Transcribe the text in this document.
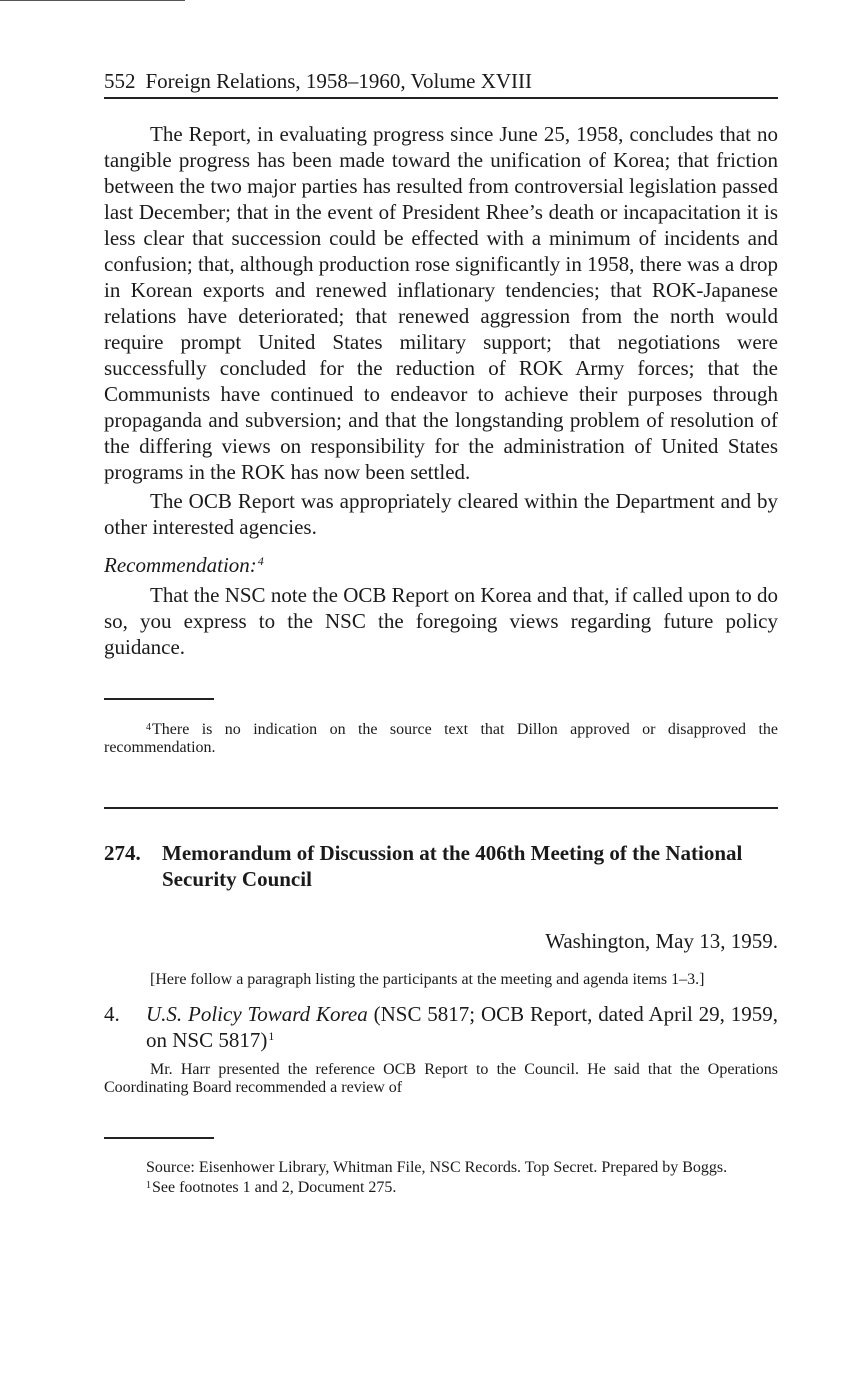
552 Foreign Relations, 1958–1960, Volume XVIII

The Report, in evaluating progress since June 25, 1958, concludes that no tangible progress has been made toward the unification of Korea; that friction between the two major parties has resulted from controversial legislation passed last December; that in the event of President Rhee’s death or incapacitation it is less clear that succession could be effected with a minimum of incidents and confusion; that, although production rose significantly in 1958, there was a drop in Korean exports and renewed inflationary tendencies; that ROK-Japanese relations have deteriorated; that renewed aggression from the north would require prompt United States military support; that negotiations were successfully concluded for the reduction of ROK Army forces; that the Communists have continued to endeavor to achieve their purposes through propaganda and subversion; and that the longstanding problem of resolution of the differing views on responsibility for the administration of United States programs in the ROK has now been settled.

The OCB Report was appropriately cleared within the Department and by other interested agencies.

Recommendation:$^4$

That the NSC note the OCB Report on Korea and that, if called upon to do so, you express to the NSC the foregoing views regarding future policy guidance.

$^4$There is no indication on the source text that Dillon approved or disapproved the recommendation.

274.	Memorandum of Discussion at the 406th Meeting of the National Security Council
Washington, May 13, 1959.

[Here follow a paragraph listing the participants at the meeting and agenda items 1–3.]

4.	U.S. Policy Toward Korea (NSC 5817; OCB Report, dated April 29, 1959, on NSC 5817)$^1$

Mr. Harr presented the reference OCB Report to the Council. He said that the Operations Coordinating Board recommended a review of

Source: Eisenhower Library, Whitman File, NSC Records. Top Secret. Prepared by Boggs.

$^1$See footnotes 1 and 2, Document 275.
